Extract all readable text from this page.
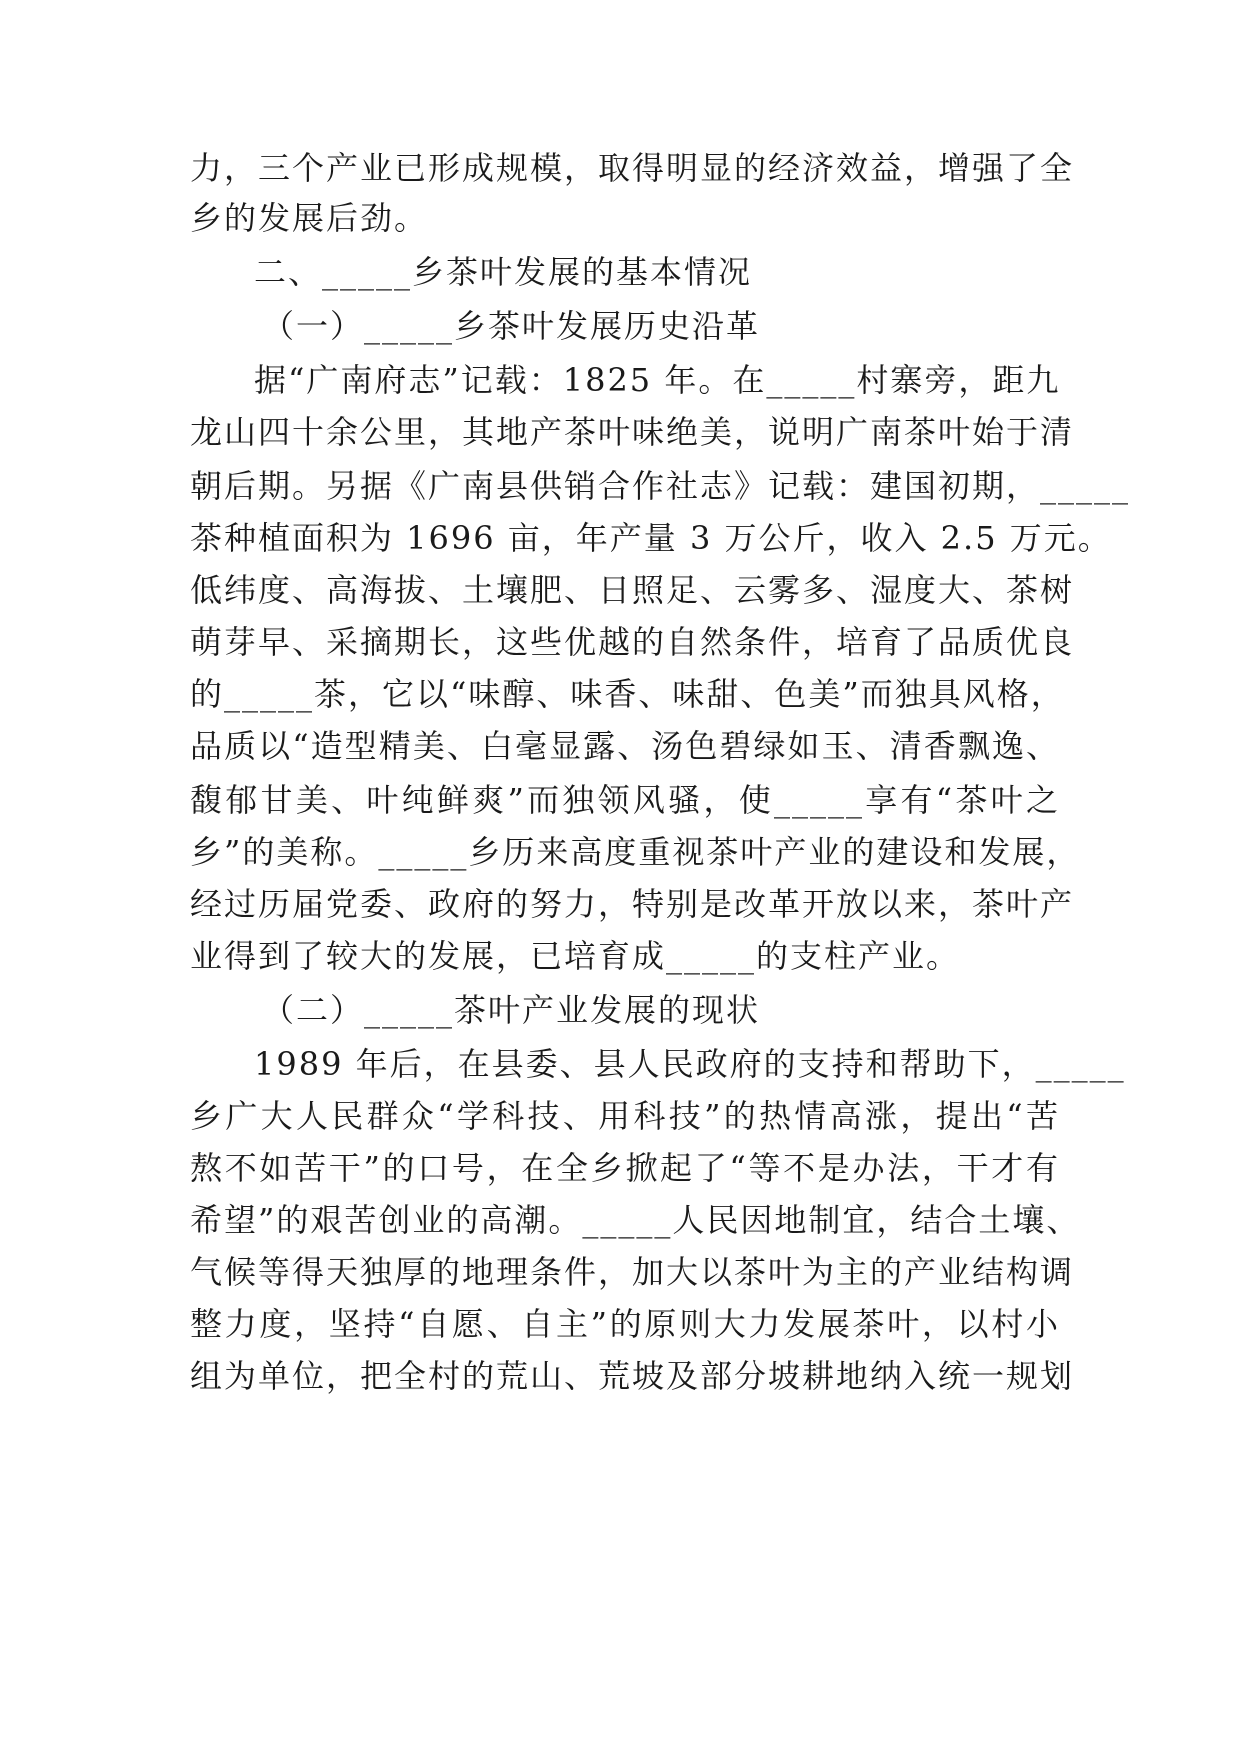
力，三个产业已形成规模，取得明显的经济效益，增强了全
乡的发展后劲。
二、_____乡茶叶发展的基本情况
（一）_____乡茶叶发展历史沿革
据“广南府志”记载：1825 年。在_____村寨旁，距九
龙山四十余公里，其地产茶叶味绝美，说明广南茶叶始于清
朝后期。另据《广南县供销合作社志》记载：建国初期，_____
茶种植面积为 1696 亩，年产量 3 万公斤，收入 2.5 万元。
低纬度、高海拔、土壤肥、日照足、云雾多、湿度大、茶树
萌芽早、采摘期长，这些优越的自然条件，培育了品质优良
的_____茶，它以“味醇、味香、味甜、色美”而独具风格，
品质以“造型精美、白毫显露、汤色碧绿如玉、清香飘逸、
馥郁甘美、叶纯鲜爽”而独领风骚，使_____享有“茶叶之
乡”的美称。_____乡历来高度重视茶叶产业的建设和发展，
经过历届党委、政府的努力，特别是改革开放以来，茶叶产
业得到了较大的发展，已培育成_____的支柱产业。
（二）_____茶叶产业发展的现状
1989 年后，在县委、县人民政府的支持和帮助下，_____
乡广大人民群众“学科技、用科技”的热情高涨，提出“苦
熬不如苦干”的口号，在全乡掀起了“等不是办法，干才有
希望”的艰苦创业的高潮。_____人民因地制宜，结合土壤、
气候等得天独厚的地理条件，加大以茶叶为主的产业结构调
整力度，坚持“自愿、自主”的原则大力发展茶叶，以村小
组为单位，把全村的荒山、荒坡及部分坡耕地纳入统一规划
